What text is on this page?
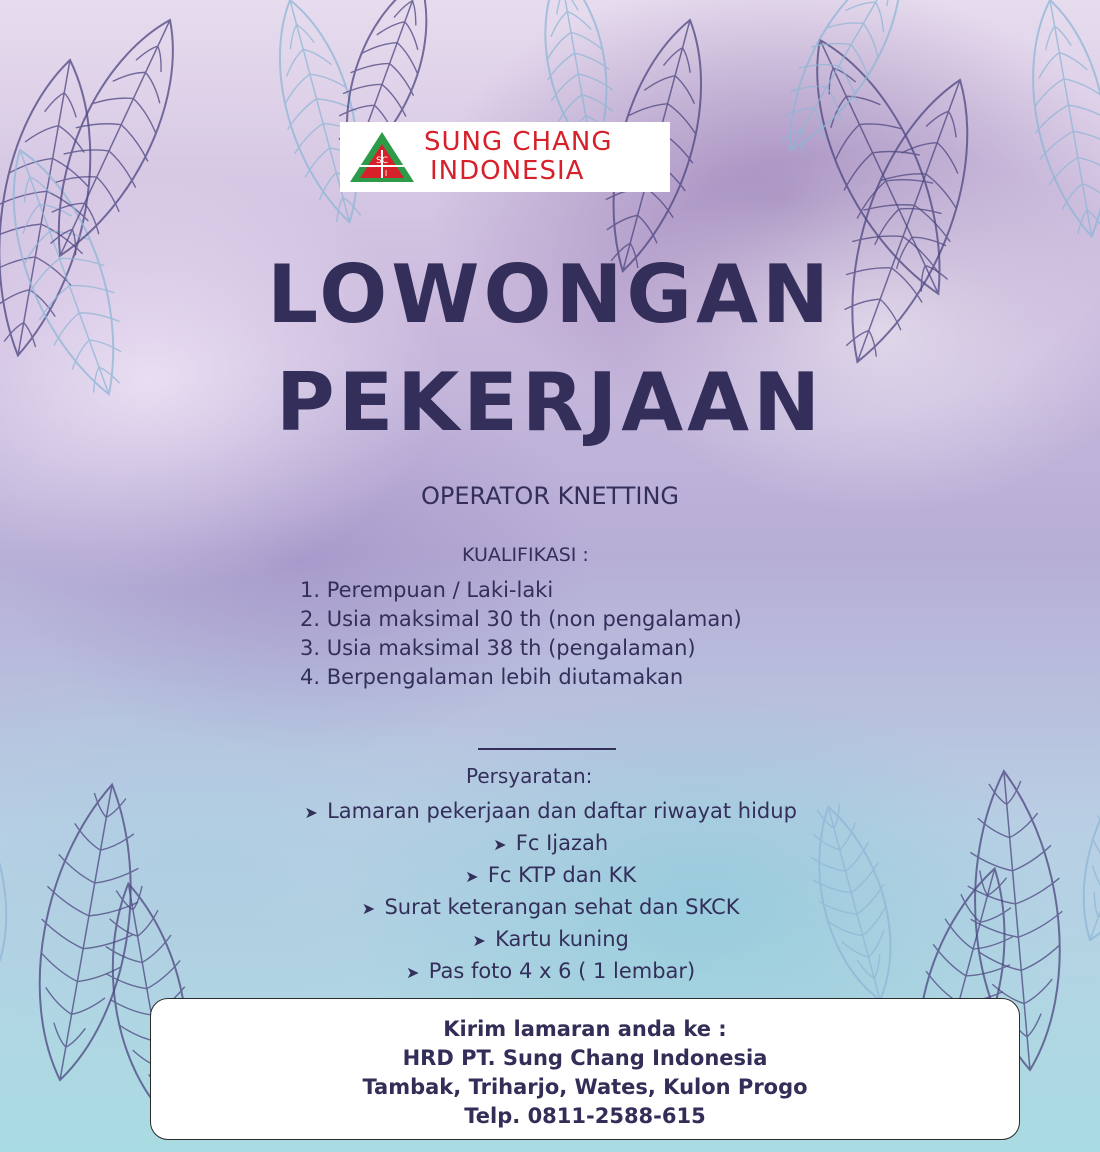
SC
I
SUNG CHANG
INDONESIA
LOWONGAN
PEKERJAAN
OPERATOR KNETTING
KUALIFIKASI :
1. Perempuan / Laki-laki
2. Usia maksimal 30 th (non pengalaman)
3. Usia maksimal 38 th (pengalaman)
4. Berpengalaman lebih diutamakan
Persyaratan:
➤ Lamaran pekerjaan dan daftar riwayat hidup
➤ Fc Ijazah
➤ Fc KTP dan KK
➤ Surat keterangan sehat dan SKCK
➤ Kartu kuning
➤ Pas foto 4 x 6 ( 1 lembar)
Kirim lamaran anda ke :
HRD PT. Sung Chang Indonesia
Tambak, Triharjo, Wates, Kulon Progo
Telp. 0811-2588-615
